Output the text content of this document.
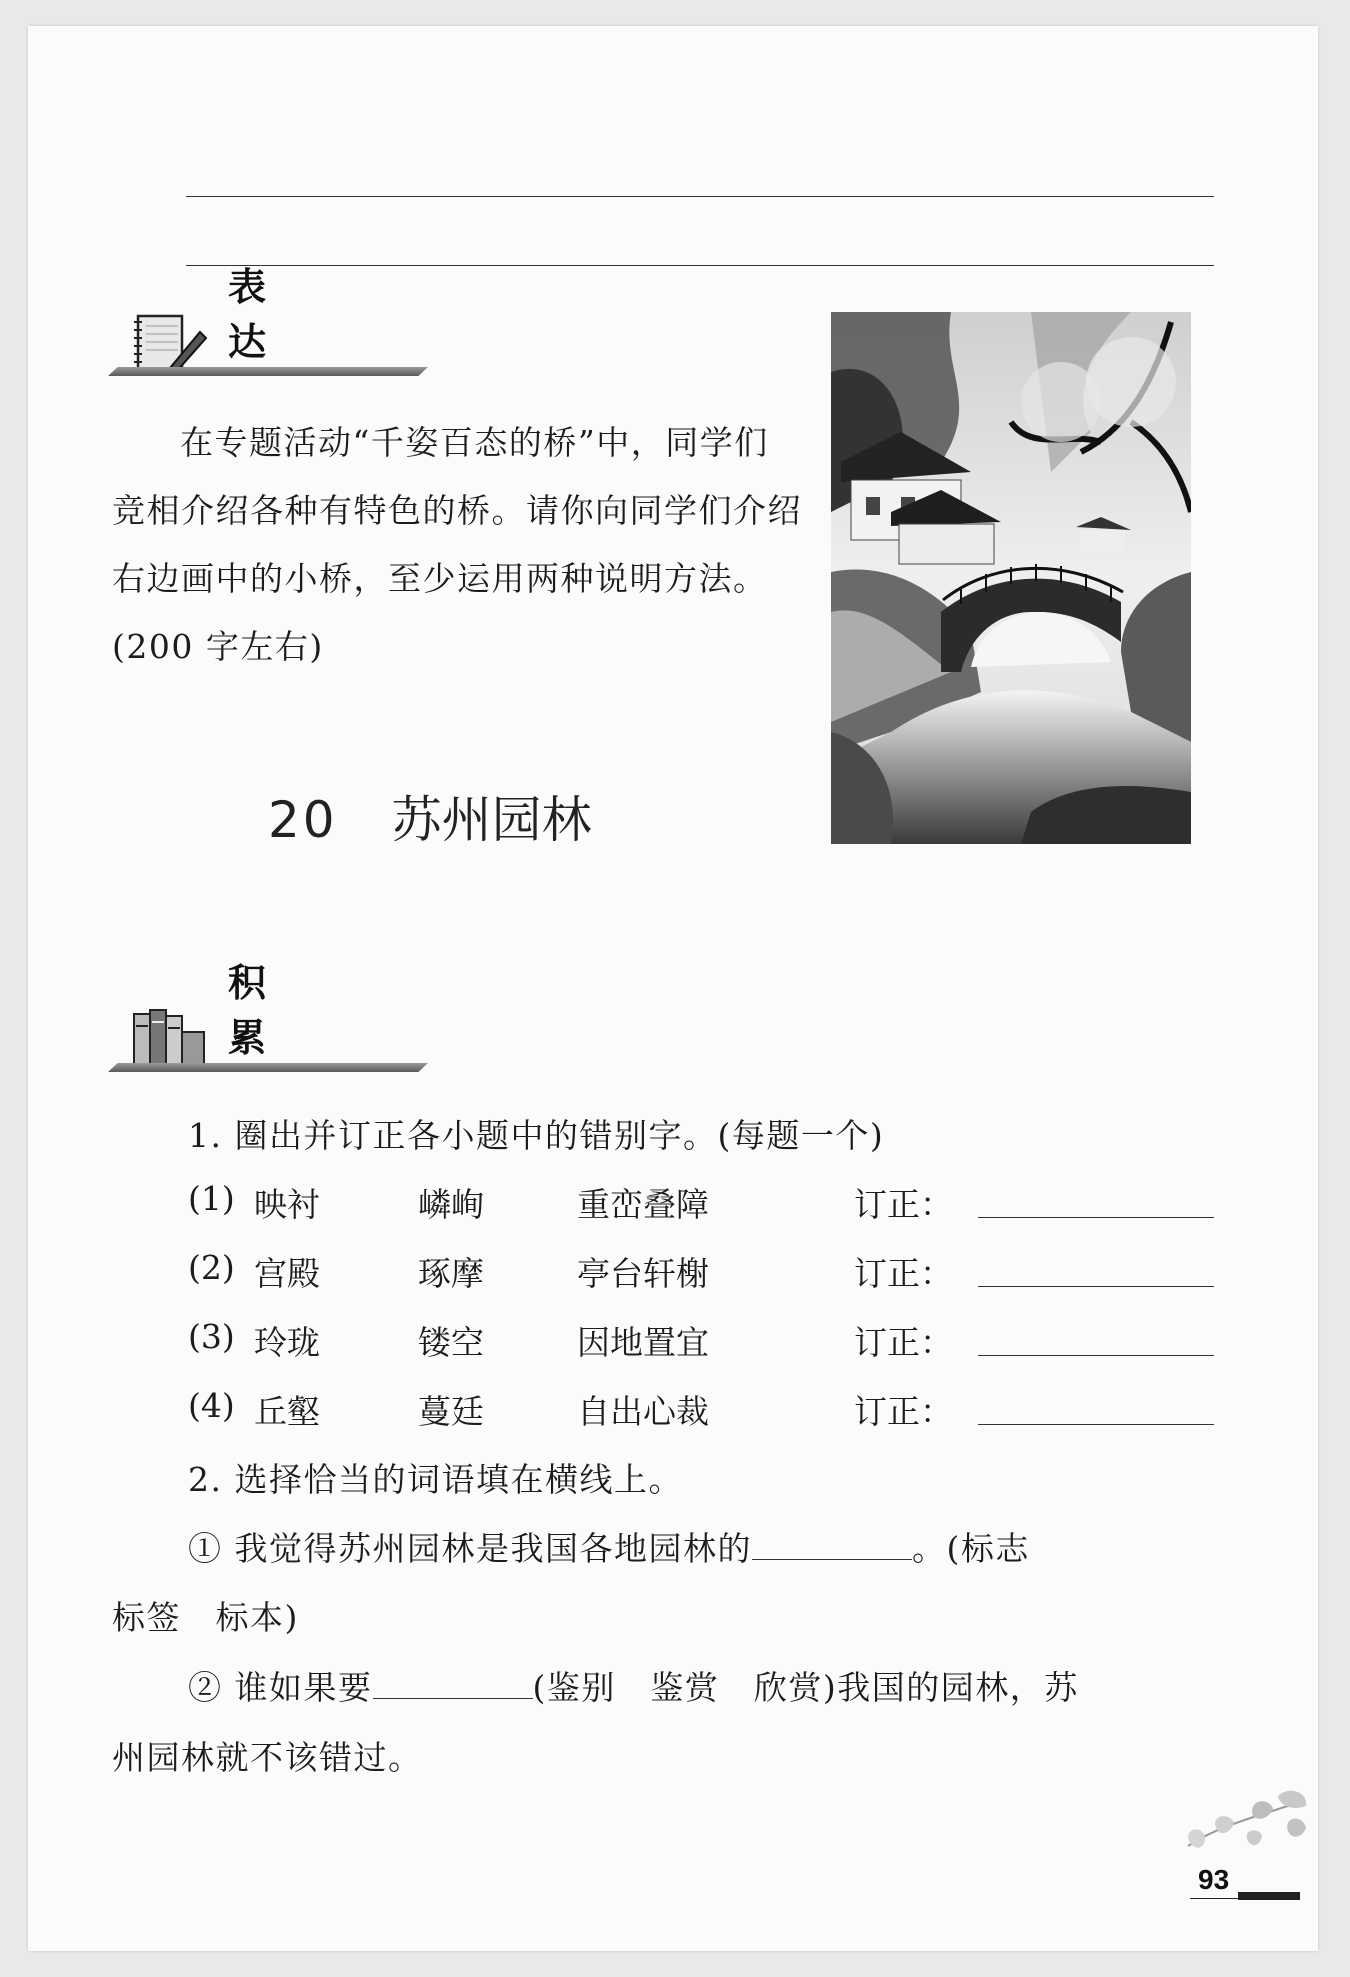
表 达
在专题活动“千姿百态的桥”中，同学们竞相介绍各种有特色的桥。请你向同学们介绍右边画中的小桥，至少运用两种说明方法。(200 字左右)
20 苏州园林
积 累
1. 圈出并订正各小题中的错别字。(每题一个)
(1) 映衬	嶙峋	重峦叠障	订正：
(2) 宫殿	琢摩	亭台轩榭	订正：
(3) 玲珑	镂空	因地置宜	订正：
(4) 丘壑	蔓廷	自出心裁	订正：
2. 选择恰当的词语填在横线上。
① 我觉得苏州园林是我国各地园林的	。(标志
标签　标本)
② 谁如果要	(鉴别　鉴赏　欣赏)我国的园林，苏
州园林就不该错过。
93
